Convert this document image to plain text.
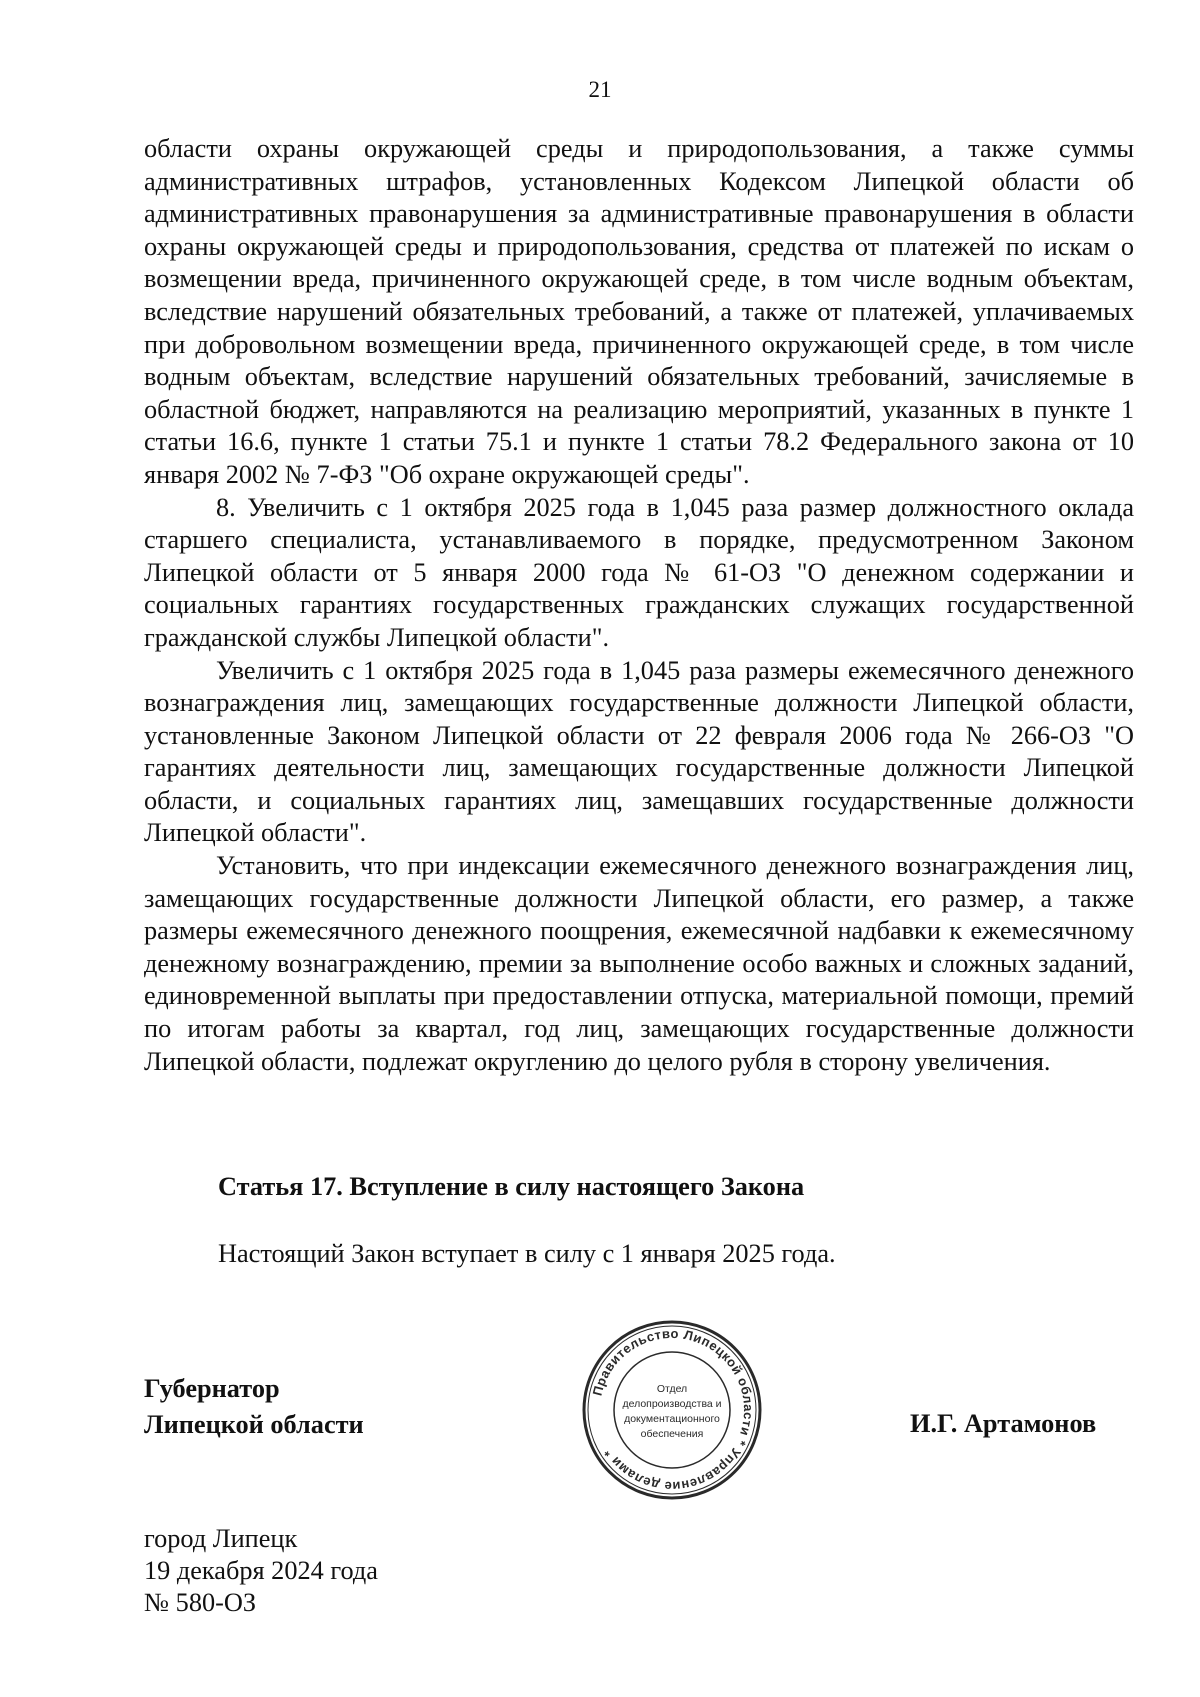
21

области охраны окружающей среды и природопользования, а также суммы административных штрафов, установленных Кодексом Липецкой области об административных правонарушения за административные правонарушения в области охраны окружающей среды и природопользования, средства от платежей по искам о возмещении вреда, причиненного окружающей среде, в том числе водным объектам, вследствие нарушений обязательных требований, а также от платежей, уплачиваемых при добровольном возмещении вреда, причиненного окружающей среде, в том числе водным объектам, вследствие нарушений обязательных требований, зачисляемые в областной бюджет, направляются на реализацию мероприятий, указанных в пункте 1 статьи 16.6, пункте 1 статьи 75.1 и пункте 1 статьи 78.2 Федерального закона от 10 января 2002 № 7-ФЗ "Об охране окружающей среды".

8. Увеличить с 1 октября 2025 года в 1,045 раза размер должностного оклада старшего специалиста, устанавливаемого в порядке, предусмотренном Законом Липецкой области от 5 января 2000 года № 61-ОЗ "О денежном содержании и социальных гарантиях государственных гражданских служащих государственной гражданской службы Липецкой области".

Увеличить с 1 октября 2025 года в 1,045 раза размеры ежемесячного денежного вознаграждения лиц, замещающих государственные должности Липецкой области, установленные Законом Липецкой области от 22 февраля 2006 года № 266-ОЗ "О гарантиях деятельности лиц, замещающих государственные должности Липецкой области, и социальных гарантиях лиц, замещавших государственные должности Липецкой области".

Установить, что при индексации ежемесячного денежного вознаграждения лиц, замещающих государственные должности Липецкой области, его размер, а также размеры ежемесячного денежного поощрения, ежемесячной надбавки к ежемесячному денежному вознаграждению, премии за выполнение особо важных и сложных заданий, единовременной выплаты при предоставлении отпуска, материальной помощи, премий по итогам работы за квартал, год лиц, замещающих государственные должности Липецкой области, подлежат округлению до целого рубля в сторону увеличения.

Статья 17. Вступление в силу настоящего Закона
Настоящий Закон вступает в силу с 1 января 2025 года.
Губернатор
Липецкой области
Правительство Липецкой области * Управление делами *
Отдел
делопроизводства и
документационного
обеспечения	И.Г. Артамонов
город Липецк
19 декабря 2024 года
№ 580-ОЗ
